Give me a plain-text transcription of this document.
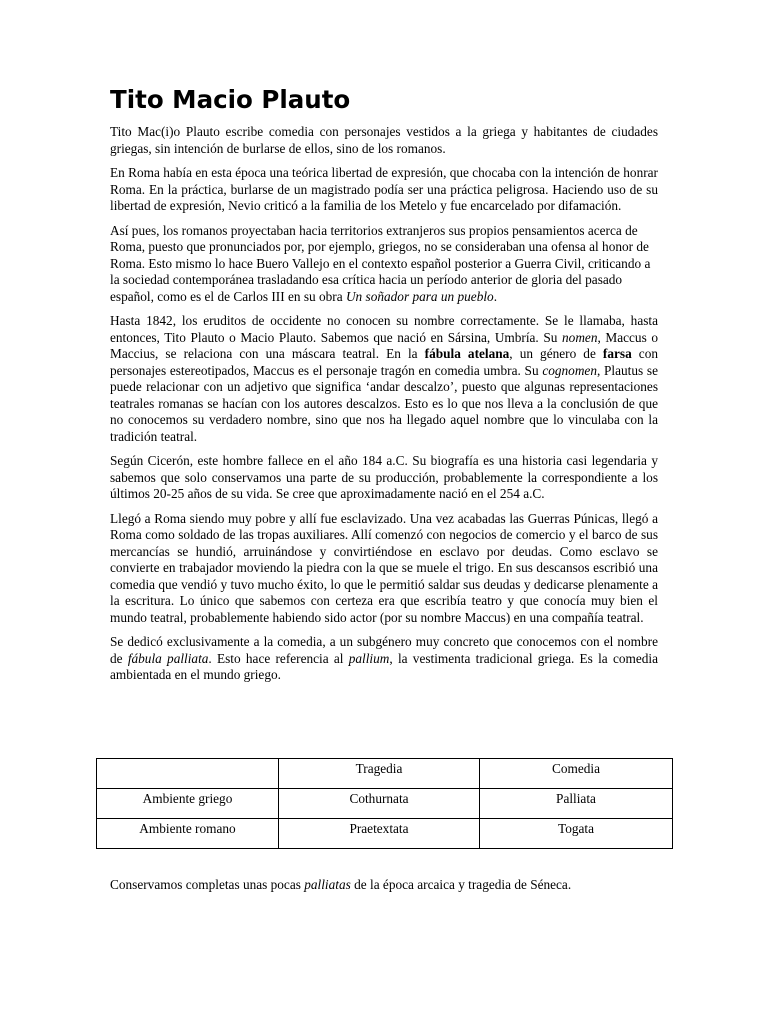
Tito Macio Plauto

Tito Mac(i)o Plauto escribe comedia con personajes vestidos a la griega y habitantes de ciudades griegas, sin intención de burlarse de ellos, sino de los romanos.

En Roma había en esta época una teórica libertad de expresión, que chocaba con la intención de honrar Roma. En la práctica, burlarse de un magistrado podía ser una práctica peligrosa. Haciendo uso de su libertad de expresión, Nevio criticó a la familia de los Metelo y fue encarcelado por difamación.

Así pues, los romanos proyectaban hacia territorios extranjeros sus propios pensamientos acerca de Roma, puesto que pronunciados por, por ejemplo, griegos, no se consideraban una ofensa al honor de Roma. Esto mismo lo hace Buero Vallejo en el contexto español posterior a Guerra Civil, criticando a la sociedad contemporánea trasladando esa crítica hacia un período anterior de gloria del pasado español, como es el de Carlos III en su obra Un soñador para un pueblo.

Hasta 1842, los eruditos de occidente no conocen su nombre correctamente. Se le llamaba, hasta entonces, Tito Plauto o Macio Plauto. Sabemos que nació en Sársina, Umbría. Su nomen, Maccus o Maccius, se relaciona con una máscara teatral. En la fábula atelana, un género de farsa con personajes estereotipados, Maccus es el personaje tragón en comedia umbra. Su cognomen, Plautus se puede relacionar con un adjetivo que significa ‘andar descalzo’, puesto que algunas representaciones teatrales romanas se hacían con los autores descalzos. Esto es lo que nos lleva a la conclusión de que no conocemos su verdadero nombre, sino que nos ha llegado aquel nombre que lo vinculaba con la tradición teatral.

Según Cicerón, este hombre fallece en el año 184 a.C. Su biografía es una historia casi legendaria y sabemos que solo conservamos una parte de su producción, probablemente la correspondiente a los últimos 20-25 años de su vida. Se cree que aproximadamente nació en el 254 a.C.

Llegó a Roma siendo muy pobre y allí fue esclavizado. Una vez acabadas las Guerras Púnicas, llegó a Roma como soldado de las tropas auxiliares. Allí comenzó con negocios de comercio y el barco de sus mercancías se hundió, arruinándose y convirtiéndose en esclavo por deudas. Como esclavo se convierte en trabajador moviendo la piedra con la que se muele el trigo. En sus descansos escribió una comedia que vendió y tuvo mucho éxito, lo que le permitió saldar sus deudas y dedicarse plenamente a la escritura. Lo único que sabemos con certeza era que escribía teatro y que conocía muy bien el mundo teatral, probablemente habiendo sido actor (por su nombre Maccus) en una compañía teatral.

Se dedicó exclusivamente a la comedia, a un subgénero muy concreto que conocemos con el nombre de fábula palliata. Esto hace referencia al pallium, la vestimenta tradicional griega. Es la comedia ambientada en el mundo griego.

	Tragedia	Comedia
Ambiente griego	Cothurnata	Palliata
Ambiente romano	Praetextata	Togata

Conservamos completas unas pocas palliatas de la época arcaica y tragedia de Séneca.
